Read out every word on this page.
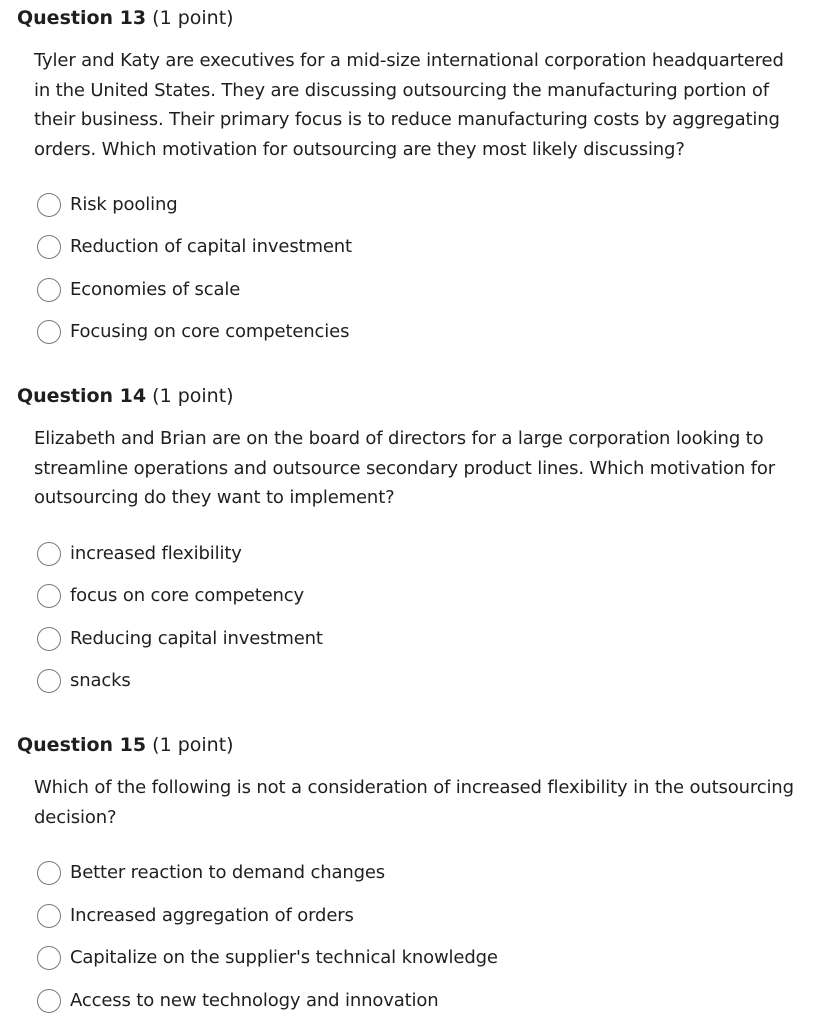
Question 13 (1 point)
Tyler and Katy are executives for a mid-size international corporation headquartered in the United States. They are discussing outsourcing the manufacturing portion of their business. Their primary focus is to reduce manufacturing costs by aggregating orders. Which motivation for outsourcing are they most likely discussing?
Risk pooling
Reduction of capital investment
Economies of scale
Focusing on core competencies
Question 14 (1 point)
Elizabeth and Brian are on the board of directors for a large corporation looking to streamline operations and outsource secondary product lines. Which motivation for outsourcing do they want to implement?
increased flexibility
focus on core competency
Reducing capital investment
snacks
Question 15 (1 point)
Which of the following is not a consideration of increased flexibility in the outsourcing decision?
Better reaction to demand changes
Increased aggregation of orders
Capitalize on the supplier's technical knowledge
Access to new technology and innovation
